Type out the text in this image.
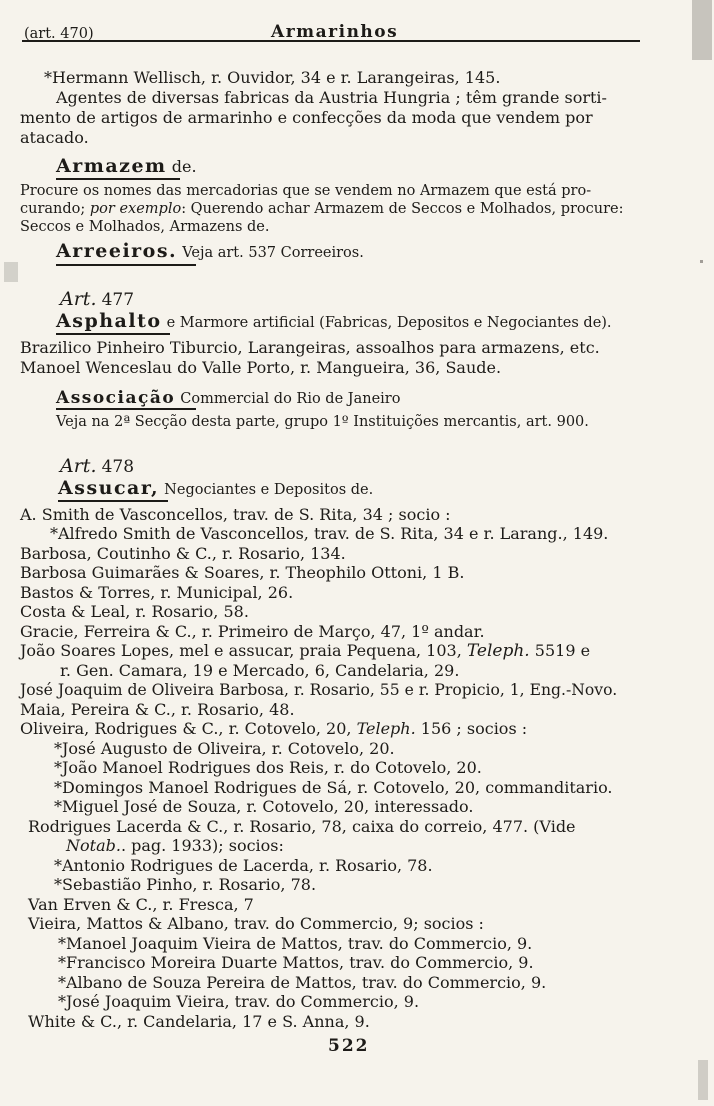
(art. 470)	Armarinhos
*Hermann Wellisch, r. Ouvidor, 34 e r. Larangeiras, 145.
Agentes de diversas fabricas da Austria Hungria ; têm grande sorti-
mento de artigos de armarinho e confecções da moda que vendem por
atacado.
Armazem de.
Procure os nomes das mercadorias que se vendem no Armazem que está pro-
curando; por exemplo: Querendo achar Armazem de Seccos e Molhados, procure:
Seccos e Molhados, Armazens de.
Arreeiros. Veja art. 537 Correeiros.
Art. 477
Asphalto e Marmore artificial (Fabricas, Depositos e Negociantes de).
Brazilico Pinheiro Tiburcio, Larangeiras, assoalhos para armazens, etc.
Manoel Wenceslau do Valle Porto, r. Manguеira, 36, Saude.
Associação Commercial do Rio de Janeiro
Veja na 2ª Secção desta parte, grupo 1º Instituições mercantis, art. 900.
Art. 478
Assucar, Negociantes e Depositos de.
A. Smith de Vasconcellos, trav. de S. Rita, 34 ; socio :
*Alfredo Smith de Vasconcellos, trav. de S. Rita, 34 e r. Larang., 149.
Barbosa, Coutinho & C., r. Rosario, 134.
Barbosa Guimarães & Soares, r. Theophilo Ottoni, 1 B.
Bastos & Torres, r. Municipal, 26.
Costa & Leal, r. Rosario, 58.
Gracie, Ferreira & C., r. Primeiro de Março, 47, 1º andar.
João Soares Lopes, mel e assucar, praia Pequena, 103, Teleph. 5519 e
r. Gen. Camara, 19 e Mercado, 6, Candelaria, 29.
José Joaquim de Oliveira Barbosa, r. Rosario, 55 e r. Propicio, 1, Eng.-Novo.
Maia, Pereira & C., r. Rosario, 48.
Oliveira, Rodrigues & C., r. Cotovelo, 20, Teleph. 156 ; socios :
*José Augusto de Oliveira, r. Cotovelo, 20.
*João Manoel Rodrigues dos Reis, r. do Cotovelo, 20.
*Domingos Manoel Rodrigues de Sá, r. Cotovelo, 20, commanditario.
*Miguel José de Souza, r. Cotovelo, 20, interessado.
Rodrigues Lacerda & C., r. Rosario, 78, caixa do correio, 477. (Vide
Notab.. pag. 1933); socios:
*Antonio Rodrigues de Lacerda, r. Rosario, 78.
*Sebastião Pinho, r. Rosario, 78.
Van Erven & C., r. Fresca, 7
Vieira, Mattos & Albano, trav. do Commercio, 9; socios :
*Manoel Joaquim Vieira de Mattos, trav. do Commercio, 9.
*Francisco Moreira Duarte Mattos, trav. do Commercio, 9.
*Albano de Souza Pereira de Mattos, trav. do Commercio, 9.
*José Joaquim Vieira, trav. do Commercio, 9.
White & C., r. Candelaria, 17 e S. Anna, 9.
522
